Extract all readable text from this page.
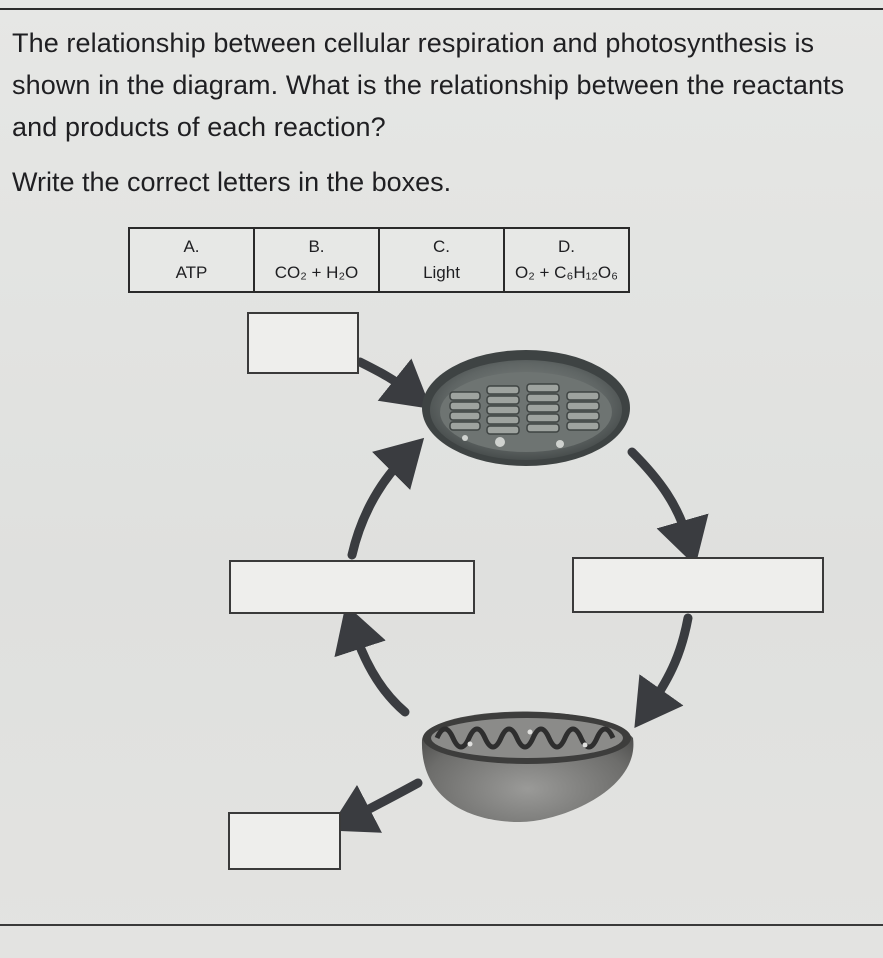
The relationship between cellular respiration and photosynthesis is shown in the diagram. What is the relationship between the reactants and products of each reaction?

Write the correct letters in the boxes.
A.
ATP

B.
CO₂ + H₂O

C.
Light

D.
O₂ + C₆H₁₂O₆
